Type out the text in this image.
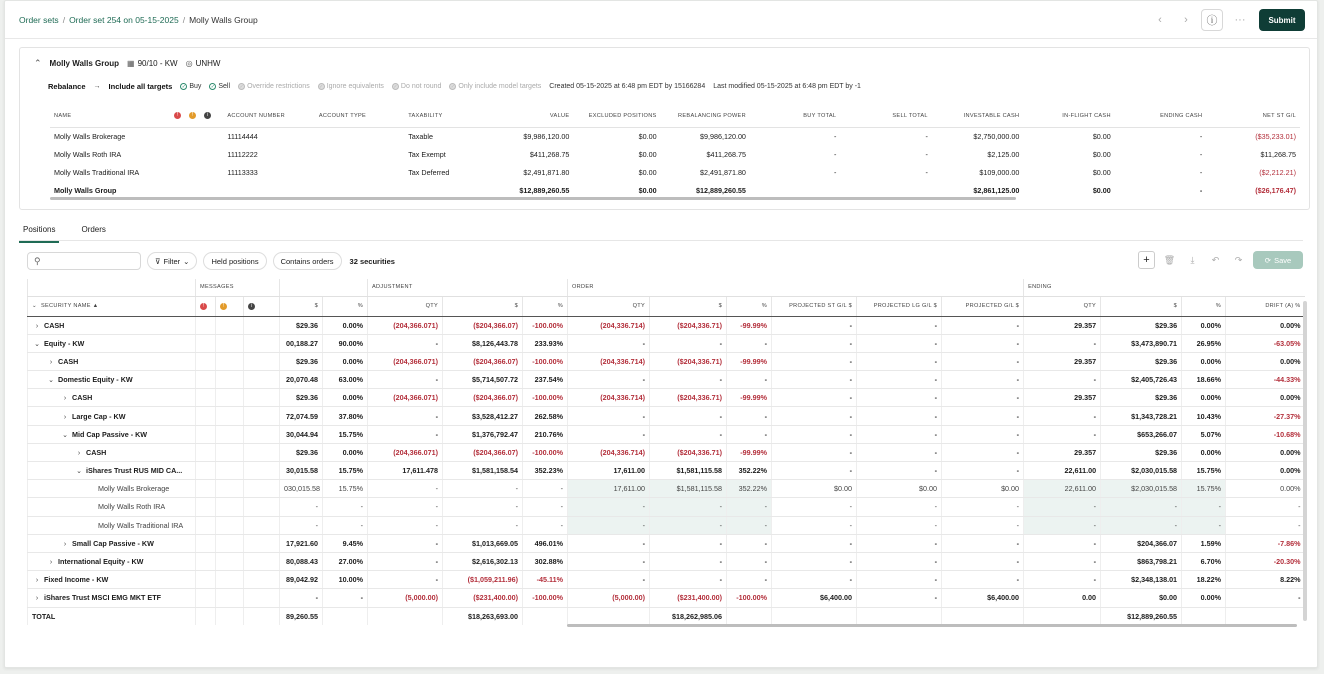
Order sets / Order set 254 on 05-15-2025 / Molly Walls Group	‹	›	ⓘ	···	Submit
⌃ Molly Walls Group ▦ 90/10 - KW ◎ UNHW
Rebalance → Include all targets ✓ Buy ✓ Sell ✓ Override restrictions ✓ Ignore equivalents ✓ Do not round ✓ Only include model targets Created 05-15-2025 at 6:48 pm EDT by 15166284 Last modified 05-15-2025 at 6:48 pm EDT by -1
NAME	!	!	i	ACCOUNT NUMBER	ACCOUNT TYPE	TAXABILITY	VALUE	EXCLUDED POSITIONS	REBALANCING POWER	BUY TOTAL	SELL TOTAL	INVESTABLE CASH	IN-FLIGHT CASH	ENDING CASH	NET ST G/L
Molly Walls Brokerage				11114444		Taxable	$9,986,120.00	$0.00	$9,986,120.00	-	-	$2,750,000.00	$0.00	-	($35,233.01)
Molly Walls Roth IRA				11112222		Tax Exempt	$411,268.75	$0.00	$411,268.75	-	-	$2,125.00	$0.00	-	$11,268.75
Molly Walls Traditional IRA				11113333		Tax Deferred	$2,491,871.80	$0.00	$2,491,871.80	-	-	$109,000.00	$0.00	-	($2,212.21)
Molly Walls Group							$12,889,260.55	$0.00	$12,889,260.55			$2,861,125.00	$0.00	-	($26,176.47)
Positions	Orders
⚲	⊽ Filter ⌄	Held positions	Contains orders	32 securities	+	🗑	⤓	↶	↷	⟳ Save
	MESSAGES					ADJUSTMENT			ORDER						ENDING			
⌄ SECURITY NAME ▲	!	!	i	$	%	QTY	$	%	QTY	$	%	PROJECTED ST G/L $	PROJECTED LG G/L $	PROJECTED G/L $	QTY	$	%	DRIFT (A) %
› CASH				$29.36	0.00%	(204,366.071)	($204,366.07)	-100.00%	(204,336.714)	($204,336.71)	-99.99%	-	-	-	29.357	$29.36	0.00%	0.00%
⌄ Equity - KW				00,188.27	90.00%	-	$8,126,443.78	233.93%	-	-	-	-	-	-	-	$3,473,890.71	26.95%	-63.05%
› CASH				$29.36	0.00%	(204,366.071)	($204,366.07)	-100.00%	(204,336.714)	($204,336.71)	-99.99%	-	-	-	29.357	$29.36	0.00%	0.00%
⌄ Domestic Equity - KW				20,070.48	63.00%	-	$5,714,507.72	237.54%	-	-	-	-	-	-	-	$2,405,726.43	18.66%	-44.33%
› CASH				$29.36	0.00%	(204,366.071)	($204,366.07)	-100.00%	(204,336.714)	($204,336.71)	-99.99%	-	-	-	29.357	$29.36	0.00%	0.00%
› Large Cap - KW				72,074.59	37.80%	-	$3,528,412.27	262.58%	-	-	-	-	-	-	-	$1,343,728.21	10.43%	-27.37%
⌄ Mid Cap Passive - KW				30,044.94	15.75%	-	$1,376,792.47	210.76%	-	-	-	-	-	-	-	$653,266.07	5.07%	-10.68%
› CASH				$29.36	0.00%	(204,366.071)	($204,366.07)	-100.00%	(204,336.714)	($204,336.71)	-99.99%	-	-	-	29.357	$29.36	0.00%	0.00%
⌄ iShares Trust RUS MID CA...				30,015.58	15.75%	17,611.478	$1,581,158.54	352.23%	17,611.00	$1,581,115.58	352.22%	-	-	-	22,611.00	$2,030,015.58	15.75%	0.00%
Molly Walls Brokerage				030,015.58	15.75%	-	-	-	17,611.00	$1,581,115.58	352.22%	$0.00	$0.00	$0.00	22,611.00	$2,030,015.58	15.75%	0.00%
Molly Walls Roth IRA				-	-	-	-	-	-	-	-	-	-	-	-	-	-	-
Molly Walls Traditional IRA				-	-	-	-	-	-	-	-	-	-	-	-	-	-	-
› Small Cap Passive - KW				17,921.60	9.45%	-	$1,013,669.05	496.01%	-	-	-	-	-	-	-	$204,366.07	1.59%	-7.86%
› International Equity - KW				80,088.43	27.00%	-	$2,616,302.13	302.88%	-	-	-	-	-	-	-	$863,798.21	6.70%	-20.30%
› Fixed Income - KW				89,042.92	10.00%	-	($1,059,211.96)	-45.11%	-	-	-	-	-	-	-	$2,348,138.01	18.22%	8.22%
› iShares Trust MSCI EMG MKT ETF				-	-	(5,000.00)	($231,400.00)	-100.00%	(5,000.00)	($231,400.00)	-100.00%	$6,400.00	-	$6,400.00	0.00	$0.00	0.00%	-
TOTAL				89,260.55			$18,263,693.00			$18,262,985.06						$12,889,260.55		
